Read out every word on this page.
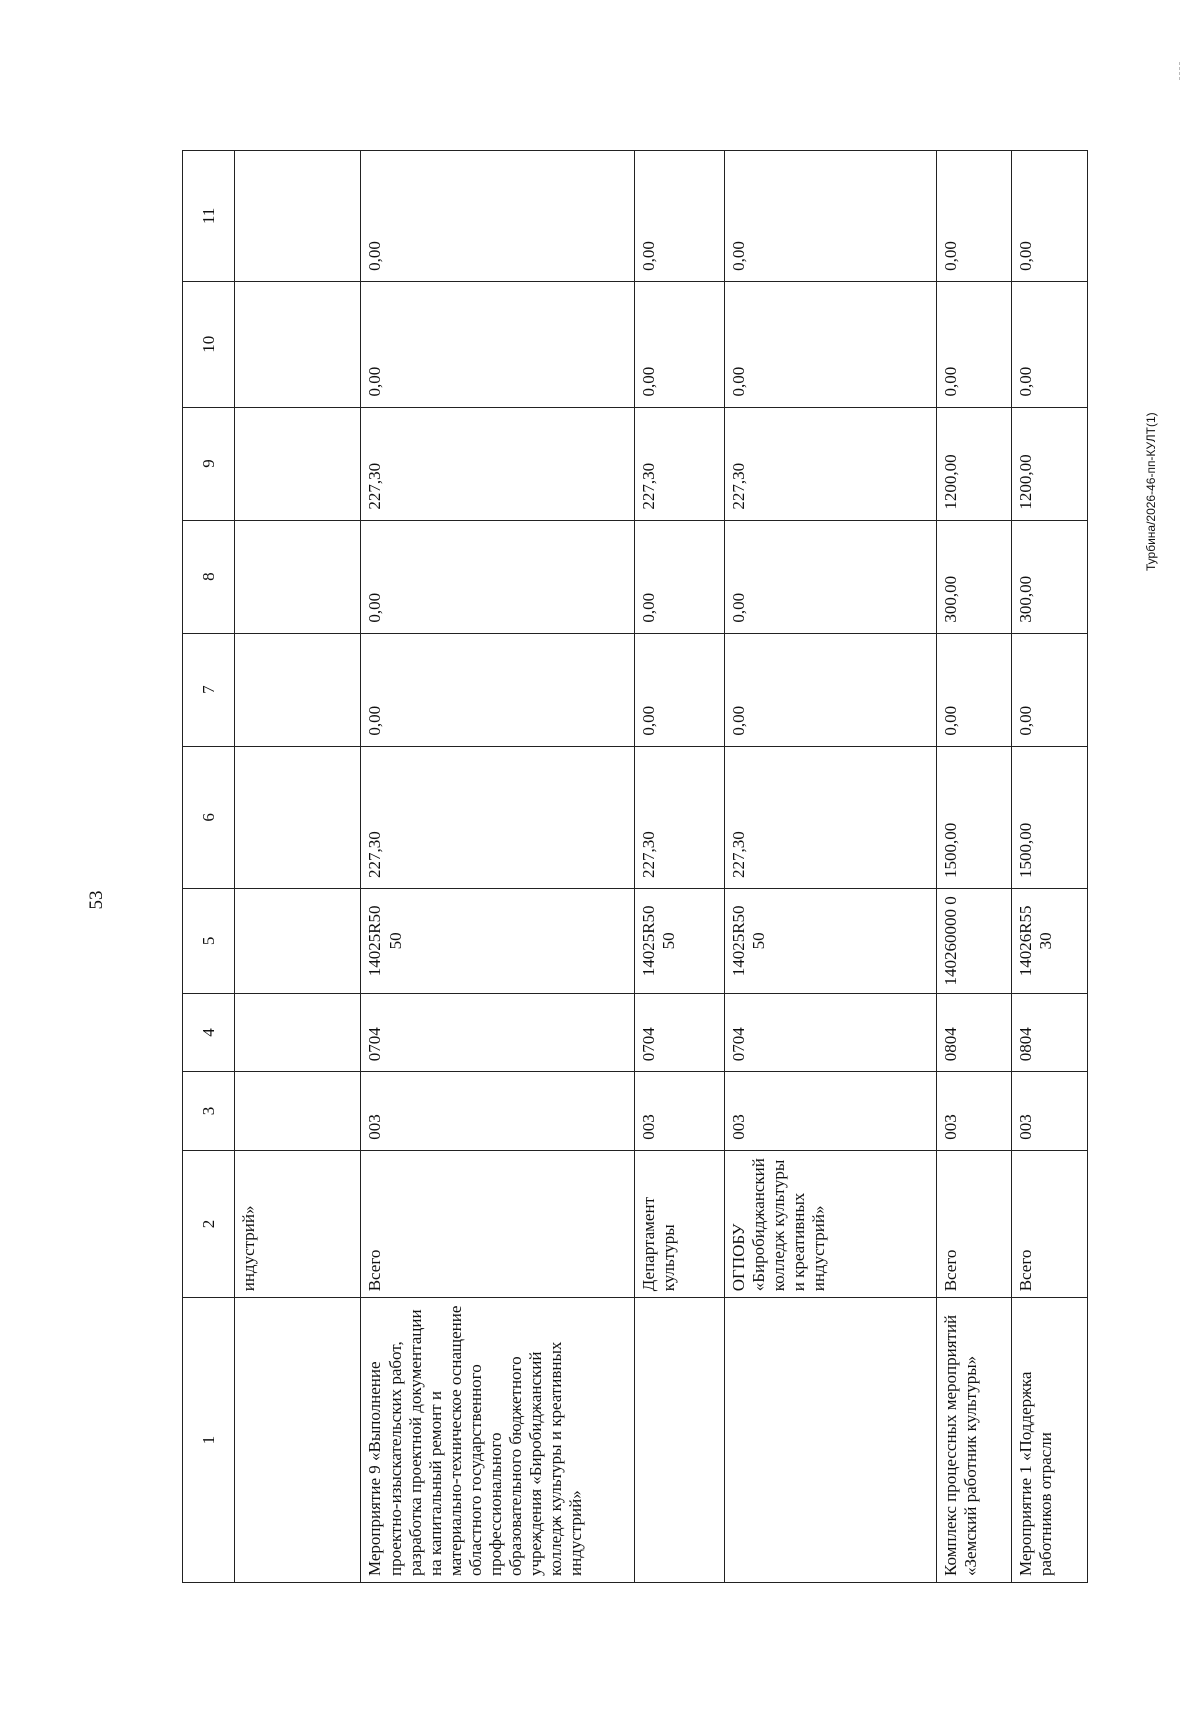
53
1	2	3	4	5	6	7	8	9	10	11
	индустрий»									
Мероприятие 9 «Выполнение проектно-изыскательских работ, разработка проектной документации на капитальный ремонт и материально-техническое оснащение областного государственного профессионального образовательного бюджетного учреждения «Биробиджанский колледж культуры и креативных индустрий»	Всего	003	0704	14025R50 50	227,30	0,00	0,00	227,30	0,00	0,00
	Департамент культуры	003	0704	14025R50 50	227,30	0,00	0,00	227,30	0,00	0,00
	ОГПОБУ «Биробиджанский колледж культуры и креативных индустрий»	003	0704	14025R50 50	227,30	0,00	0,00	227,30	0,00	0,00
Комплекс процессных мероприятий «Земский работник культуры»	Всего	003	0804	140260000 0	1500,00	0,00	300,00	1200,00	0,00	0,00
Мероприятие 1 «Поддержка работников отрасли	Всего	003	0804	14026R55 30	1500,00	0,00	300,00	1200,00	0,00	0,00
Турбина/2026-46-пп-КУЛТ(1)
